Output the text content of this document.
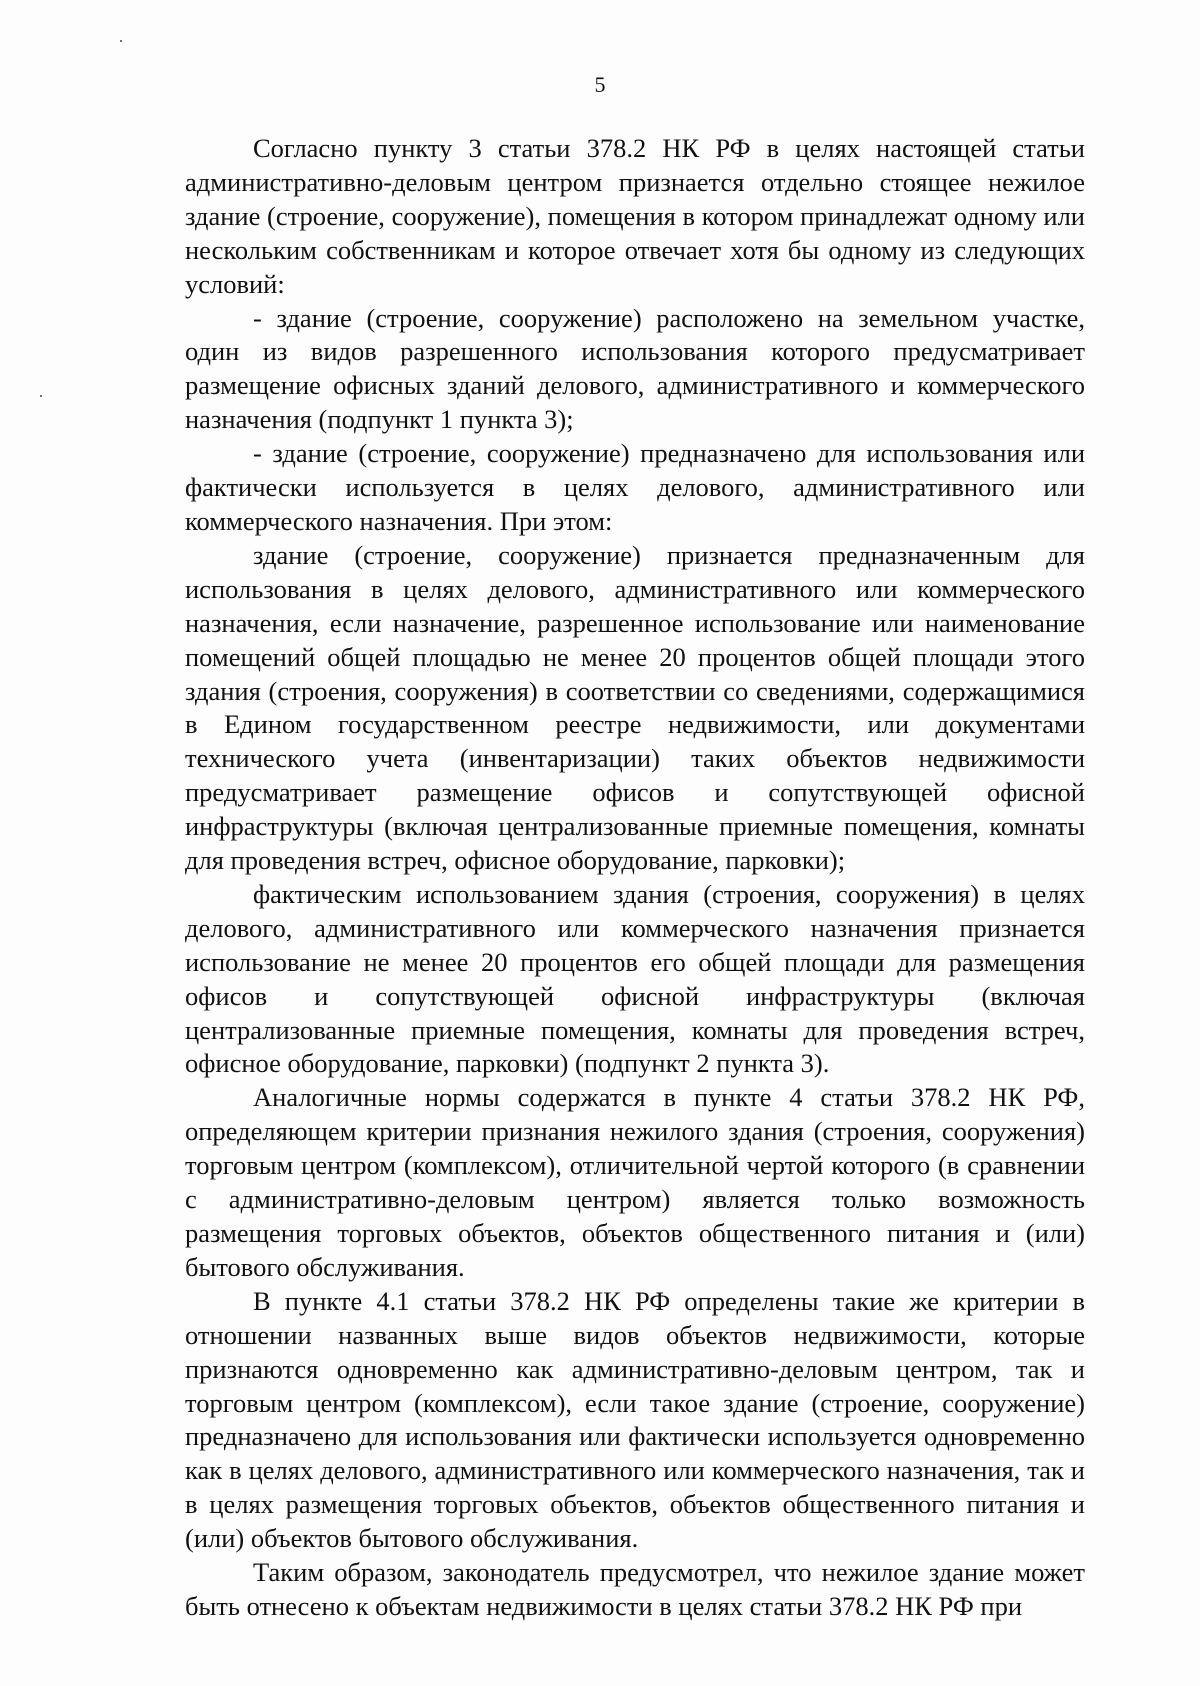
5

Согласно пункту 3 статьи 378.2 НК РФ в целях настоящей статьи административно-деловым центром признается отдельно стоящее нежилое здание (строение, сооружение), помещения в котором принадлежат одному или нескольким собственникам и которое отвечает хотя бы одному из следующих условий:

- здание (строение, сооружение) расположено на земельном участке, один из видов разрешенного использования которого предусматривает размещение офисных зданий делового, административного и коммерческого назначения (подпункт 1 пункта 3);

- здание (строение, сооружение) предназначено для использования или фактически используется в целях делового, административного или коммерческого назначения. При этом:

здание (строение, сооружение) признается предназначенным для использования в целях делового, административного или коммерческого назначения, если назначение, разрешенное использование или наименование помещений общей площадью не менее 20 процентов общей площади этого здания (строения, сооружения) в соответствии со сведениями, содержащимися в Едином государственном реестре недвижимости, или документами технического учета (инвентаризации) таких объектов недвижимости предусматривает размещение офисов и сопутствующей офисной инфраструктуры (включая централизованные приемные помещения, комнаты для проведения встреч, офисное оборудование, парковки);

фактическим использованием здания (строения, сооружения) в целях делового, административного или коммерческого назначения признается использование не менее 20 процентов его общей площади для размещения офисов и сопутствующей офисной инфраструктуры (включая централизованные приемные помещения, комнаты для проведения встреч, офисное оборудование, парковки) (подпункт 2 пункта 3).

Аналогичные нормы содержатся в пункте 4 статьи 378.2 НК РФ, определяющем критерии признания нежилого здания (строения, сооружения) торговым центром (комплексом), отличительной чертой которого (в сравнении с административно-деловым центром) является только возможность размещения торговых объектов, объектов общественного питания и (или) бытового обслуживания.

В пункте 4.1 статьи 378.2 НК РФ определены такие же критерии в отношении названных выше видов объектов недвижимости, которые признаются одновременно как административно-деловым центром, так и торговым центром (комплексом), если такое здание (строение, сооружение) предназначено для использования или фактически используется одновременно как в целях делового, административного или коммерческого назначения, так и в целях размещения торговых объектов, объектов общественного питания и (или) объектов бытового обслуживания.

Таким образом, законодатель предусмотрел, что нежилое здание может быть отнесено к объектам недвижимости в целях статьи 378.2 НК РФ при
